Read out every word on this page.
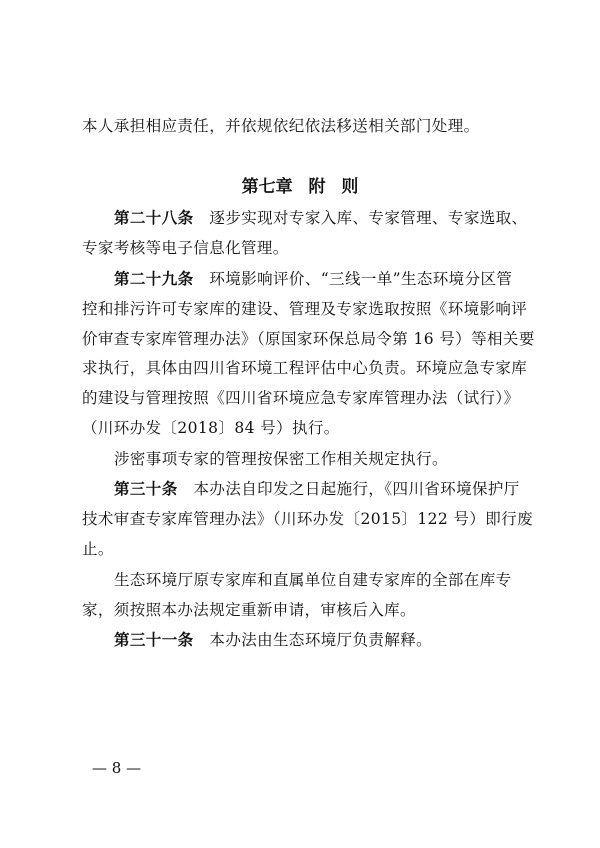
本人承担相应责任，并依规依纪依法移送相关部门处理。
第七章 附 则
第二十八条　 逐步实现对专家入库、专家管理、专家选取、
专家考核等电子信息化管理。
第二十九条　 环境影响评价、“三线一单”生态环境分区管
控和排污许可专家库的建设、管理及专家选取按照《环境影响评
价审查专家库管理办法》（原国家环保总局令第 16 号）等相关要
求执行，具体由四川省环境工程评估中心负责。环境应急专家库
的建设与管理按照《四川省环境应急专家库管理办法（试行）》
（川环办发〔2018〕84 号）执行。
涉密事项专家的管理按保密工作相关规定执行。
第三十条　 本办法自印发之日起施行，《四川省环境保护厅
技术审查专家库管理办法》（川环办发〔2015〕122 号）即行废
止。
生态环境厅原专家库和直属单位自建专家库的全部在库专
家，须按照本办法规定重新申请，审核后入库。
第三十一条　 本办法由生态环境厅负责解释。
— 8 —
